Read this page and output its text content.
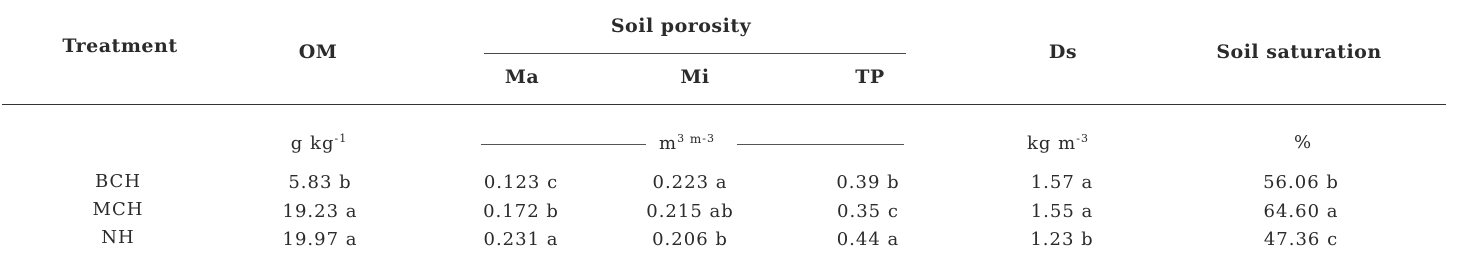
Treatment	OM
Soil porosity
Ma	Mi	TP
Ds	Soil saturation
g $kg^{-1}$	$m^3$ $^{m-3}$	kg $m^{-3}$	%
BCH	5.83 b	0.123 c	0.223 a	0.39 b	1.57 a	56.06 b
MCH	19.23 a	0.172 b	0.215 ab	0.35 c	1.55 a	64.60 a
NH	19.97 a	0.231 a	0.206 b	0.44 a	1.23 b	47.36 c
